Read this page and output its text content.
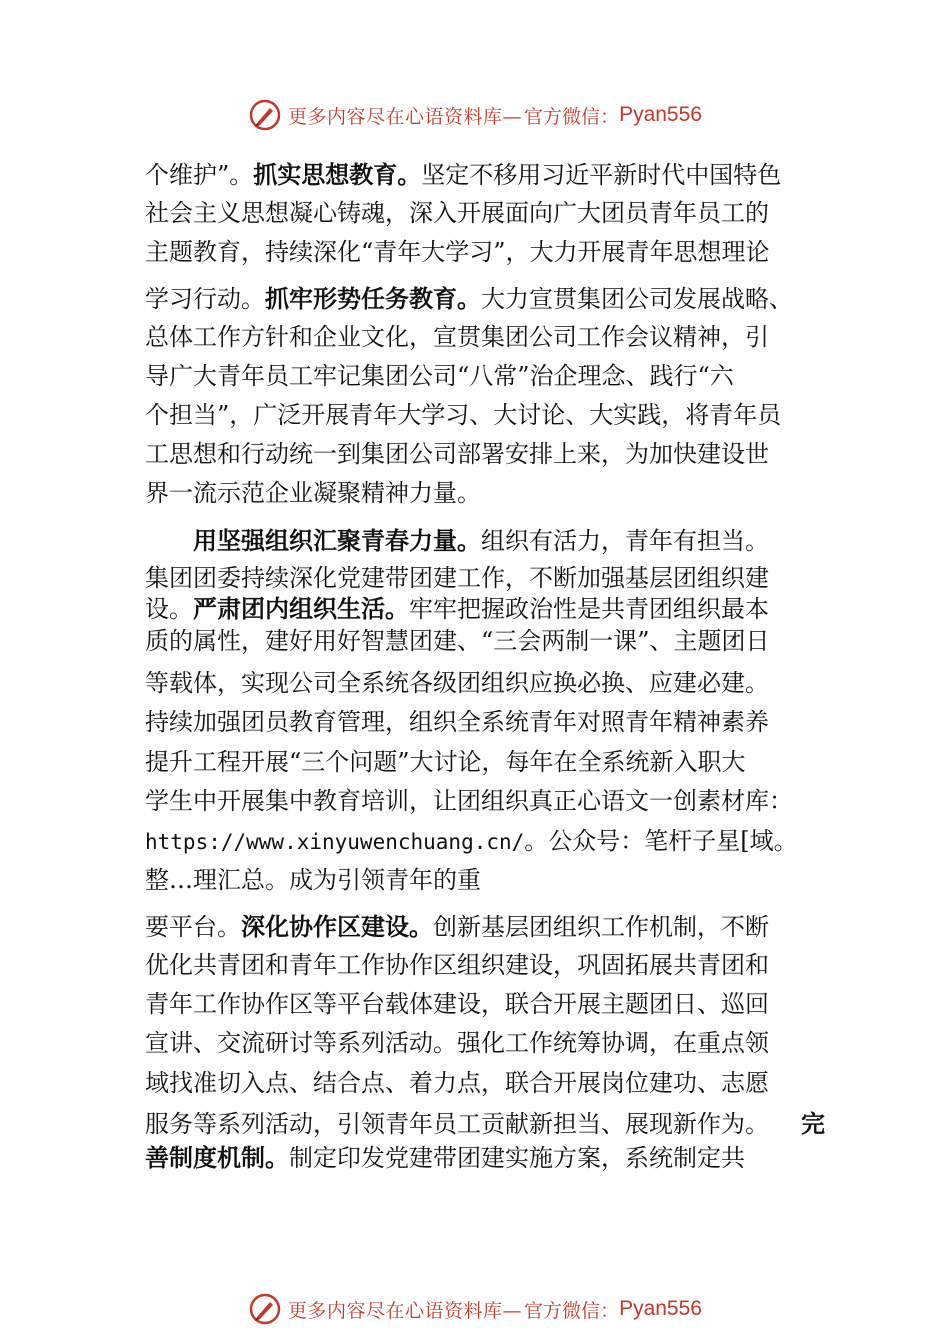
更多内容尽在心语资料库— 官方微信： Pyan556
个维护”。抓实思想教育。坚定不移用习近平新时代中国特色
社会主义思想凝心铸魂，深入开展面向广大团员青年员工的
主题教育，持续深化“青年大学习”，大力开展青年思想理论
学习行动。抓牢形势任务教育。大力宣贯集团公司发展战略、
总体工作方针和企业文化，宣贯集团公司工作会议精神，引
导广大青年员工牢记集团公司“八常”治企理念、践行“六
个担当”，广泛开展青年大学习、大讨论、大实践，将青年员
工思想和行动统一到集团公司部署安排上来，为加快建设世
界一流示范企业凝聚精神力量。
用坚强组织汇聚青春力量。组织有活力，青年有担当。
集团团委持续深化党建带团建工作，不断加强基层团组织建
设。严肃团内组织生活。牢牢把握政治性是共青团组织最本
质的属性，建好用好智慧团建、“三会两制一课”、主题团日
等载体，实现公司全系统各级团组织应换必换、应建必建。
持续加强团员教育管理，组织全系统青年对照青年精神素养
提升工程开展“三个问题”大讨论，每年在全系统新入职大
学生中开展集中教育培训，让团组织真正心语文一创素材库：
https://www.xinyuwenchuang.cn/。公众号：笔杆子星[域。
整…理汇总。成为引领青年的重
要平台。深化协作区建设。创新基层团组织工作机制，不断
优化共青团和青年工作协作区组织建设，巩固拓展共青团和
青年工作协作区等平台载体建设，联合开展主题团日、巡回
宣讲、交流研讨等系列活动。强化工作统筹协调，在重点领
域找准切入点、结合点、着力点，联合开展岗位建功、志愿
服务等系列活动，引领青年员工贡献新担当、展现新作为。 完
善制度机制。制定印发党建带团建实施方案，系统制定共
更多内容尽在心语资料库— 官方微信： Pyan556
